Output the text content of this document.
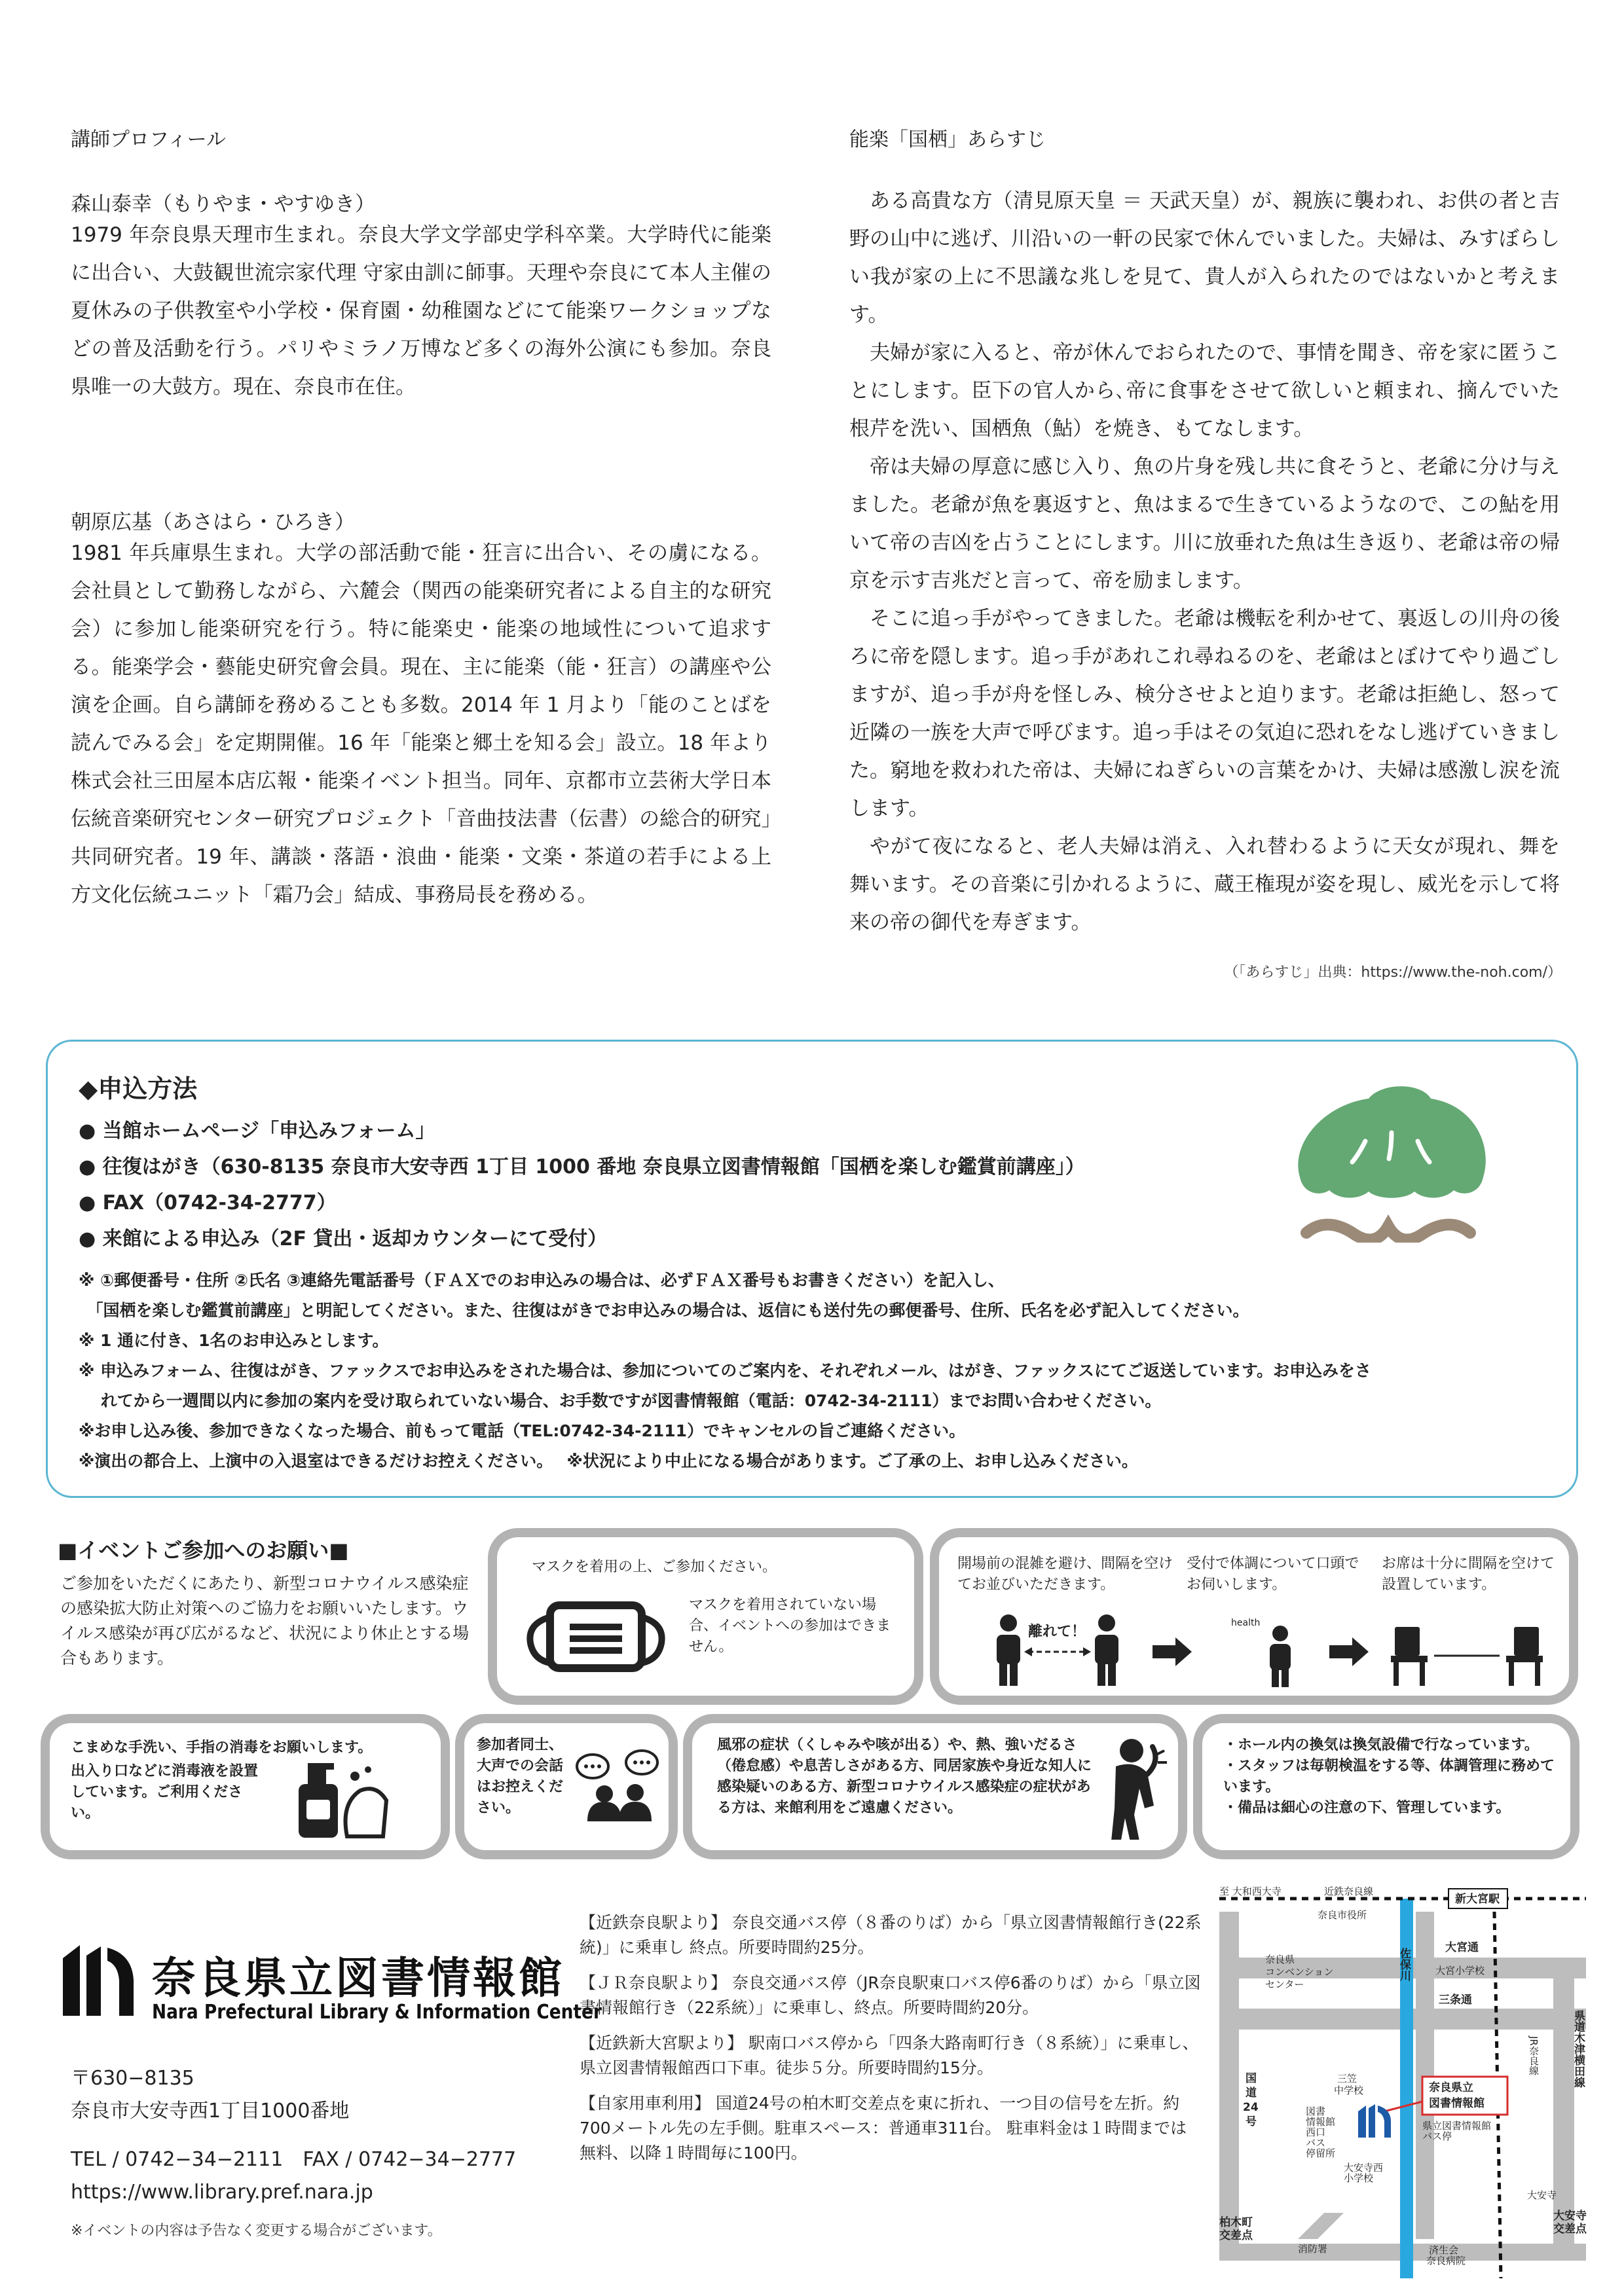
講師プロフィール
森山泰幸（もりやま・やすゆき）
1979 年奈良県天理市生まれ。奈良大学文学部史学科卒業。大学時代に能楽に出合い、大鼓観世流宗家代理 守家由訓に師事。天理や奈良にて本人主催の夏休みの子供教室や小学校・保育園・幼稚園などにて能楽ワークショップなどの普及活動を行う。パリやミラノ万博など多くの海外公演にも参加。奈良県唯一の大鼓方。現在、奈良市在住。
朝原広基（あさはら・ひろき）
1981 年兵庫県生まれ。大学の部活動で能・狂言に出合い、その虜になる。会社員として勤務しながら、六麓会（関西の能楽研究者による自主的な研究会）に参加し能楽研究を行う。特に能楽史・能楽の地域性について追求する。能楽学会・藝能史研究會会員。現在、主に能楽（能・狂言）の講座や公演を企画。自ら講師を務めることも多数。2014 年 1 月より「能のことばを読んでみる会」を定期開催。16 年「能楽と郷土を知る会」設立。18 年より株式会社三田屋本店広報・能楽イベント担当。同年、京都市立芸術大学日本伝統音楽研究センター研究プロジェクト「音曲技法書（伝書）の総合的研究」共同研究者。19 年、講談・落語・浪曲・能楽・文楽・茶道の若手による上方文化伝統ユニット「霜乃会」結成、事務局長を務める。
能楽「国栖」あらすじ

ある高貴な方（清見原天皇 ＝ 天武天皇）が、親族に襲われ、お供の者と吉野の山中に逃げ、川沿いの一軒の民家で休んでいました。夫婦は、みすぼらしい我が家の上に不思議な兆しを見て、貴人が入られたのではないかと考えます。

夫婦が家に入ると、帝が休んでおられたので、事情を聞き、帝を家に匿うことにします。臣下の官人から､帝に食事をさせて欲しいと頼まれ、摘んでいた根芹を洗い、国栖魚（鮎）を焼き、もてなします。

帝は夫婦の厚意に感じ入り、魚の片身を残し共に食そうと、老爺に分け与えました。老爺が魚を裏返すと、魚はまるで生きているようなので、この鮎を用いて帝の吉凶を占うことにします。川に放垂れた魚は生き返り、老爺は帝の帰京を示す吉兆だと言って、帝を励まします。

そこに追っ手がやってきました。老爺は機転を利かせて、裏返しの川舟の後ろに帝を隠します。追っ手があれこれ尋ねるのを、老爺はとぼけてやり過ごしますが、追っ手が舟を怪しみ、検分させよと迫ります。老爺は拒絶し、怒って近隣の一族を大声で呼びます。追っ手はその気迫に恐れをなし逃げていきました。窮地を救われた帝は、夫婦にねぎらいの言葉をかけ、夫婦は感激し涙を流します。

やがて夜になると、老人夫婦は消え、入れ替わるように天女が現れ、舞を舞います。その音楽に引かれるように、蔵王権現が姿を現し、威光を示して将来の帝の御代を寿ぎます。

（「あらすじ」出典：https://www.the-noh.com/）
◆申込方法
● 当館ホームページ「申込みフォーム」
● 往復はがき（630-8135 奈良市大安寺西 1丁目 1000 番地 奈良県立図書情報館「国栖を楽しむ鑑賞前講座」）
● FAX（0742-34-2777）
● 来館による申込み（2F 貸出・返却カウンターにて受付）
※ ①郵便番号・住所 ②氏名 ③連絡先電話番号（ＦＡＸでのお申込みの場合は、必ずＦＡＸ番号もお書きください）を記入し、
　「国栖を楽しむ鑑賞前講座」と明記してください。また、往復はがきでお申込みの場合は、返信にも送付先の郵便番号、住所、氏名を必ず記入してください。
※ 1 通に付き、1名のお申込みとします。
※ 申込みフォーム、往復はがき、ファックスでお申込みをされた場合は、参加についてのご案内を、それぞれメール、はがき、ファックスにてご返送しています。お申込みをさ
　 れてから一週間以内に参加の案内を受け取られていない場合、お手数ですが図書情報館（電話：0742-34-2111）までお問い合わせください。
※お申し込み後、参加できなくなった場合、前もって電話（TEL:0742-34-2111）でキャンセルの旨ご連絡ください。
※演出の都合上、上演中の入退室はできるだけお控えください。　 ※状況により中止になる場合があります。ご了承の上、お申し込みください。
■イベントご参加へのお願い■
ご参加をいただくにあたり、新型コロナウイルス感染症の感染拡大防止対策へのご協力をお願いいたします。ウイルス感染が再び広がるなど、状況により休止とする場合もあります。
マスクを着用の上、ご参加ください。
マスクを着用されていない場合、イベントへの参加はできません。
開場前の混雑を避け、間隔を空けてお並びいただきます。
受付で体調について口頭でお伺いします。
お席は十分に間隔を空けて設置しています。
離れて！
health
こまめな手洗い、手指の消毒をお願いします。
出入り口などに消毒液を設置しています。ご利用ください。
参加者同士、大声での会話はお控えください。
風邪の症状（くしゃみや咳が出る）や、熱、強いだるさ（倦怠感）や息苦しさがある方、同居家族や身近な知人に感染疑いのある方、新型コロナウイルス感染症の症状がある方は、来館利用をご遠慮ください。
・ホール内の換気は換気設備で行なっています。
・スタッフは毎朝検温をする等、体調管理に務めています。
・備品は細心の注意の下、管理しています。
奈良県立図書情報館
Nara Prefectural Library & Information Center
〒630−8135
奈良市大安寺西1丁目1000番地
TEL / 0742−34−2111　FAX / 0742−34−2777
https://www.library.pref.nara.jp
※イベントの内容は予告なく変更する場合がございます。

【近鉄奈良駅より】 奈良交通バス停（８番のりば）から「県立図書情報館行き(22系統)」に乗車し 終点。所要時間約25分。

【ＪＲ奈良駅より】 奈良交通バス停（JR奈良駅東口バス停6番のりば）から「県立図書情報館行き（22系統）」に乗車し、終点。所要時間約20分。

【近鉄新大宮駅より】 駅南口バス停から「四条大路南町行き（８系統）」に乗車し、県立図書情報館西口下車。徒歩５分。所要時間約15分。

【自家用車利用】 国道24号の柏木町交差点を東に折れ、一つ目の信号を左折。約700メートル先の左手側。駐車スペース：普通車311台。 駐車料金は１時間までは無料、以降１時間毎に100円。

新大宮駅
至 大和西大寺	近鉄奈良線
奈良市役所
大宮通
大宮小学校
奈良県
コンベンション
センター
佐保川
三条通
JR奈良線	県道木津横田線
三笠
中学校	奈良県立
図書情報館
国
道
24
号
図書
情報館
西口
バス
停留所
県立図書情報館
バス停
大安寺西
小学校
大安寺
柏木町
交差点
消防署	済生会
奈良病院
大安寺
交差点
